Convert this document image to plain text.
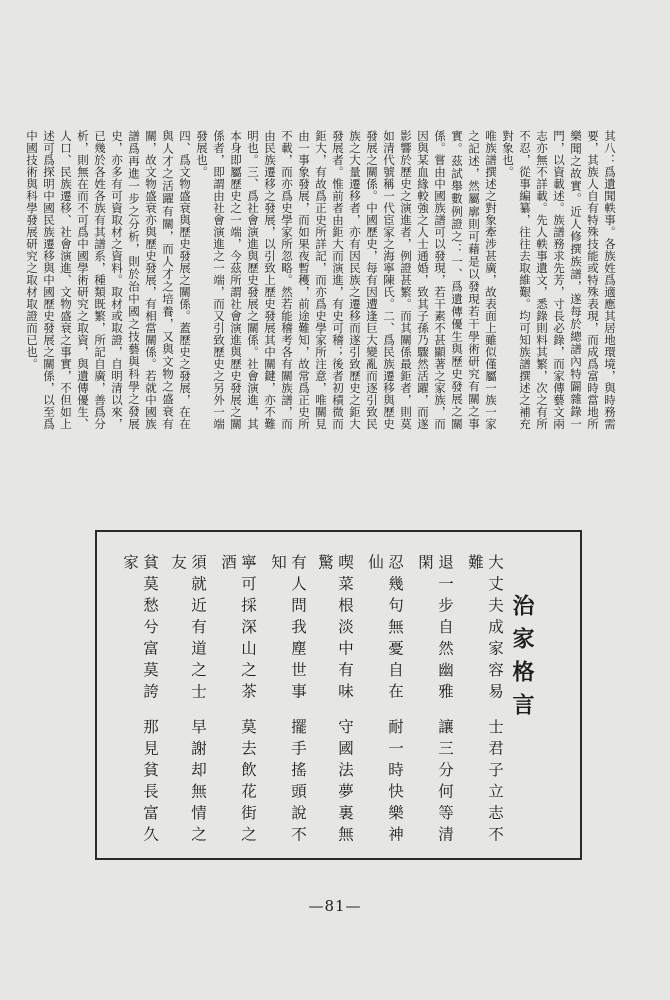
其八：爲遺聞軼事。各族姓爲適應其居地環境，與時務需要，其族人自有特殊技能或特殊表現，而成爲富時當地所樂聞之故實。近人修撰族譜，遂每於總譜內特闢雜錄一門，以資載述。族譜務求先芳，寸長必錄，而家傳藝文兩志亦無不詳載。先人軼事遺文，悉錄則料其繁，次之有所不忍，從事編纂，往往去取維艱。均可知族譜撰述之補充對象也。

唯族譜撰述之對象牽涉甚廣，故表面上雖似僅屬一族一家之記述，然屬廓則可藉是以發現若干學術研究有關之事實。茲試舉數例證之：一、爲遺傳優生與歷史發展之關係。嘗由中國族譜可以發現，若干素不甚顯著之家族，而因與某血緣較強之人士通婚，致其子孫乃驟然活躍，而遂影響於歷史之演進者，例證甚繁。而其關係最鉅者，則莫如清代號稱一代宦家之海寧陳氏。二、爲民族遷移與歷史發展之關係。中國歷史，每有因遭逢巨大變亂而逐引致民族之大量遷移者，亦有因民族之遷移而遂引致歷史之鉅大發展者。惟前者由鉅大而演進，有史可稽；後者初積微而鉅大，有故爲正史所詳記，而亦爲史學家所注意，唯關見由一事象發展，而如果夜暫穫，前途難知，故常爲正史所不載，而亦爲史學家所忽略。然若能稽考各有關族譜，而由民族遷移之發展，以引致上歷史發展其中關鍵，亦不難明也。三、爲社會演進與歷史發展之關係。社會演進，其本身即屬歷史之一端，今茲所謂社會演進與歷史發展之關係者，即謂由社會演進之一端，而又引致歷史之另外一端發展也。

四、爲文物盛衰與歷史發展之關係。蓋歷史之發展，在在與人才之活躍有關，而人才之培養，又與文物之盛衰有關，故文物盛衰亦與歷史發展，有相當關係。若就中國族譜爲再進一步之分析，則於治中國之技藝與科學之發展史，亦多有可資取材之資料。取材或取證，自明清以來，已幾於各姓各族有其譜系，種類既繁，所記自廣，善爲分析，則無在而不可爲中國學術研究之取資，與遺傳優生、人口、民族遷移、社會演進、文物盛衰之事實，不但如上述可爲探明中國民族遷移與中國歷史發展之關係，以至爲中國技術與科學發展研究之取材取證而已也。

治家格言
大丈夫成家容易士君子立志不難
退一步自然幽雅讓三分何等清閑
忍幾句無憂自在耐一時快樂神仙
喫菜根淡中有味守國法夢裏無驚
有人問我塵世事擺手搖頭說不知
寧可採深山之茶莫去飲花街之酒
須就近有道之士早謝却無情之友
貧莫愁兮富莫誇那見貧長富久家
—81—
